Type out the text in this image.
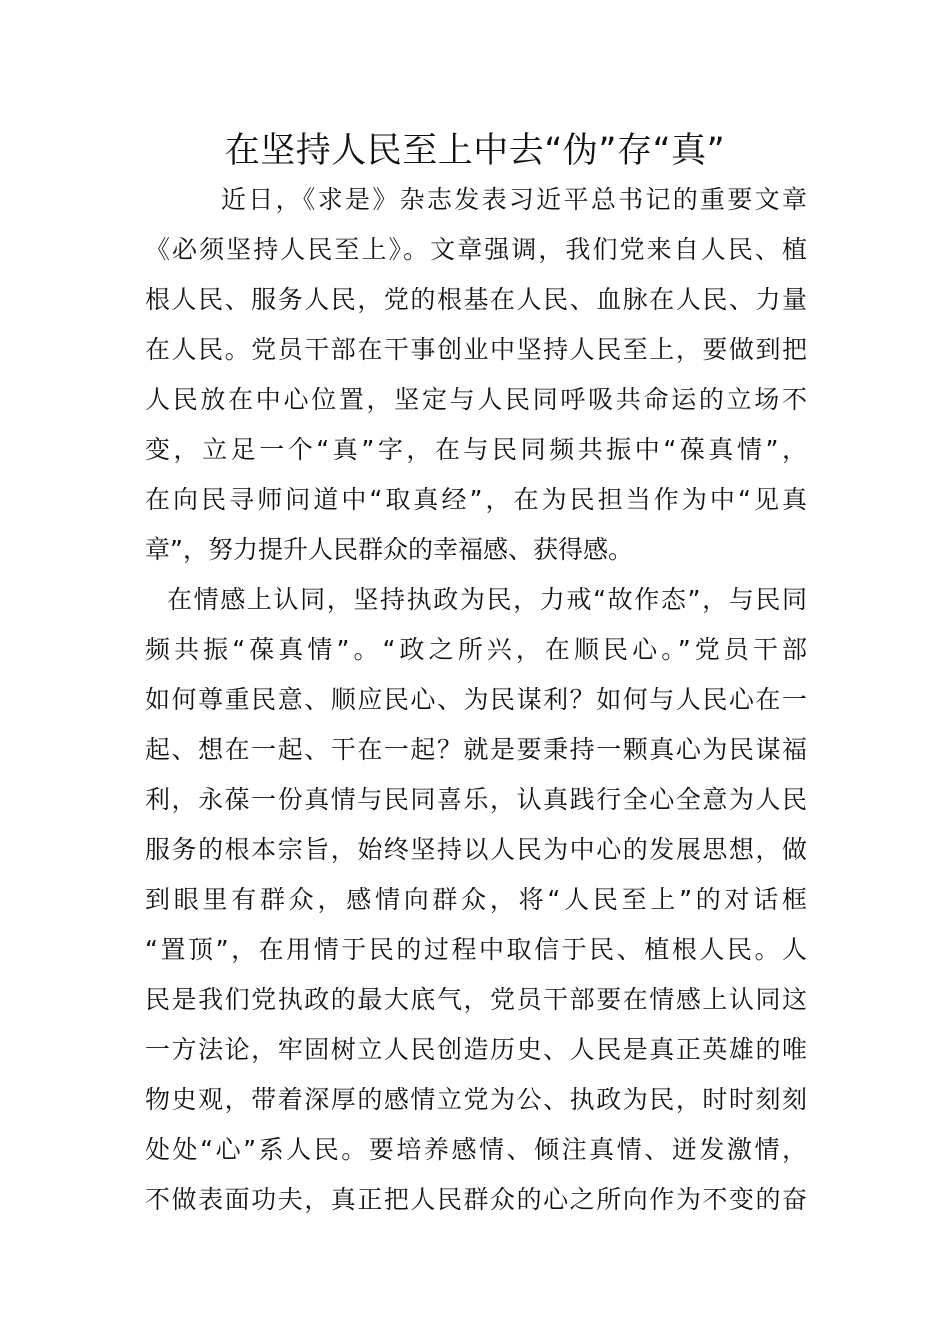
在坚持人民至上中去“伪”存“真”
近日，《求是》杂志发表习近平总书记的重要文章
《必须坚持人民至上》。文章强调，我们党来自人民、植
根人民、服务人民，党的根基在人民、血脉在人民、力量
在人民。党员干部在干事创业中坚持人民至上，要做到把
人民放在中心位置，坚定与人民同呼吸共命运的立场不
变，立足一个“真”字，在与民同频共振中“葆真情”，
在向民寻师问道中“取真经”，在为民担当作为中“见真
章”，努力提升人民群众的幸福感、获得感。
在情感上认同，坚持执政为民，力戒“故作态”，与民同
频共振“葆真情”。“政之所兴，在顺民心。”党员干部
如何尊重民意、顺应民心、为民谋利？如何与人民心在一
起、想在一起、干在一起？就是要秉持一颗真心为民谋福
利，永葆一份真情与民同喜乐，认真践行全心全意为人民
服务的根本宗旨，始终坚持以人民为中心的发展思想，做
到眼里有群众，感情向群众，将“人民至上”的对话框
“置顶”，在用情于民的过程中取信于民、植根人民。人
民是我们党执政的最大底气，党员干部要在情感上认同这
一方法论，牢固树立人民创造历史、人民是真正英雄的唯
物史观，带着深厚的感情立党为公、执政为民，时时刻刻
处处“心”系人民。要培养感情、倾注真情、迸发激情，
不做表面功夫，真正把人民群众的心之所向作为不变的奋
